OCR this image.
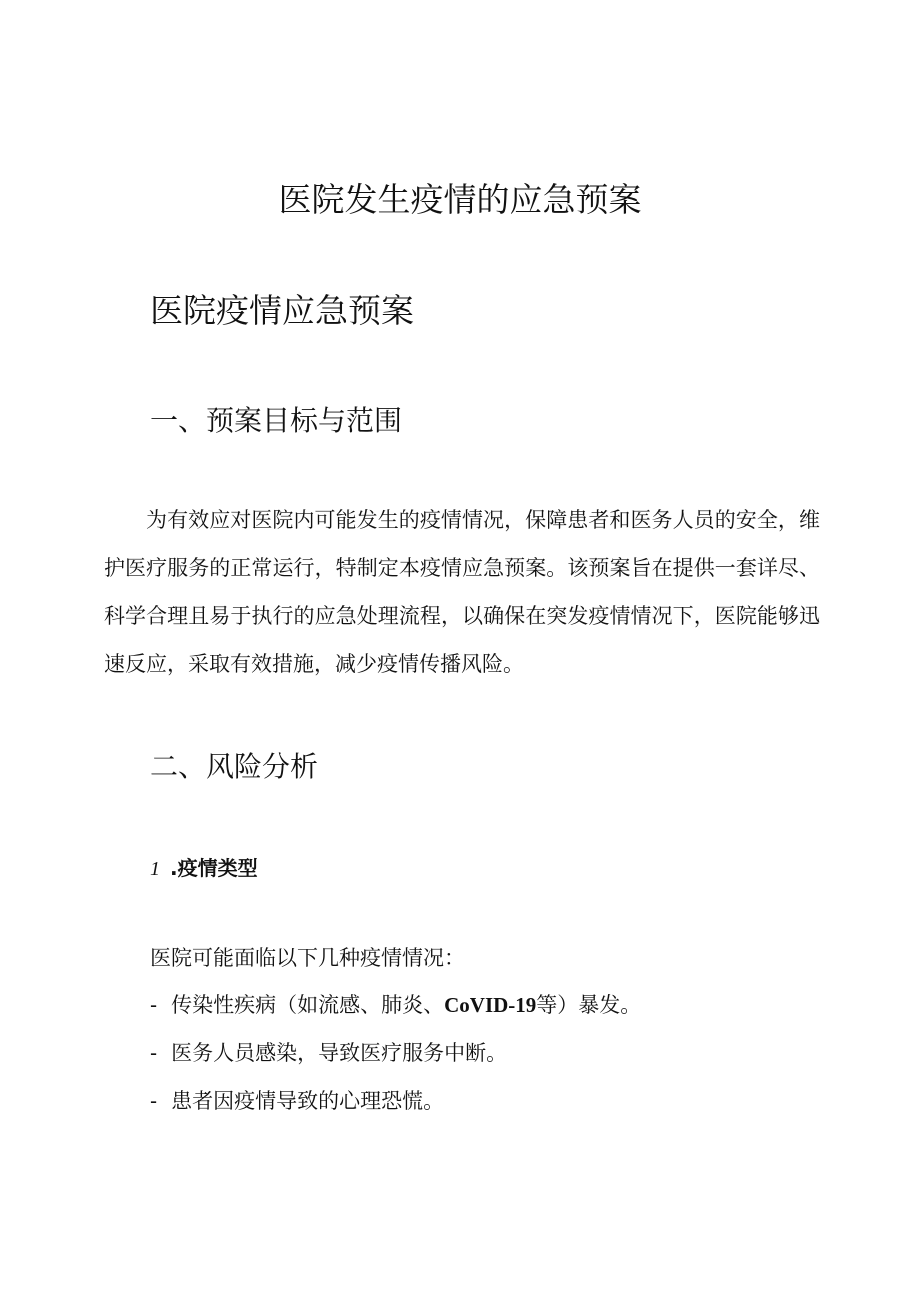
医院发生疫情的应急预案
医院疫情应急预案
一、预案目标与范围

为有效应对医院内可能发生的疫情情况，保障患者和医务人员的安全，维护医疗服务的正常运行，特制定本疫情应急预案。该预案旨在提供一套详尽、科学合理且易于执行的应急处理流程，以确保在突发疫情情况下，医院能够迅速反应，采取有效措施，减少疫情传播风险。

二、风险分析
1 .疫情类型

医院可能面临以下几种疫情情况：

- 传染性疾病（如流感、肺炎、CoVID-19等）暴发。

- 医务人员感染，导致医疗服务中断。

- 患者因疫情导致的心理恐慌。
